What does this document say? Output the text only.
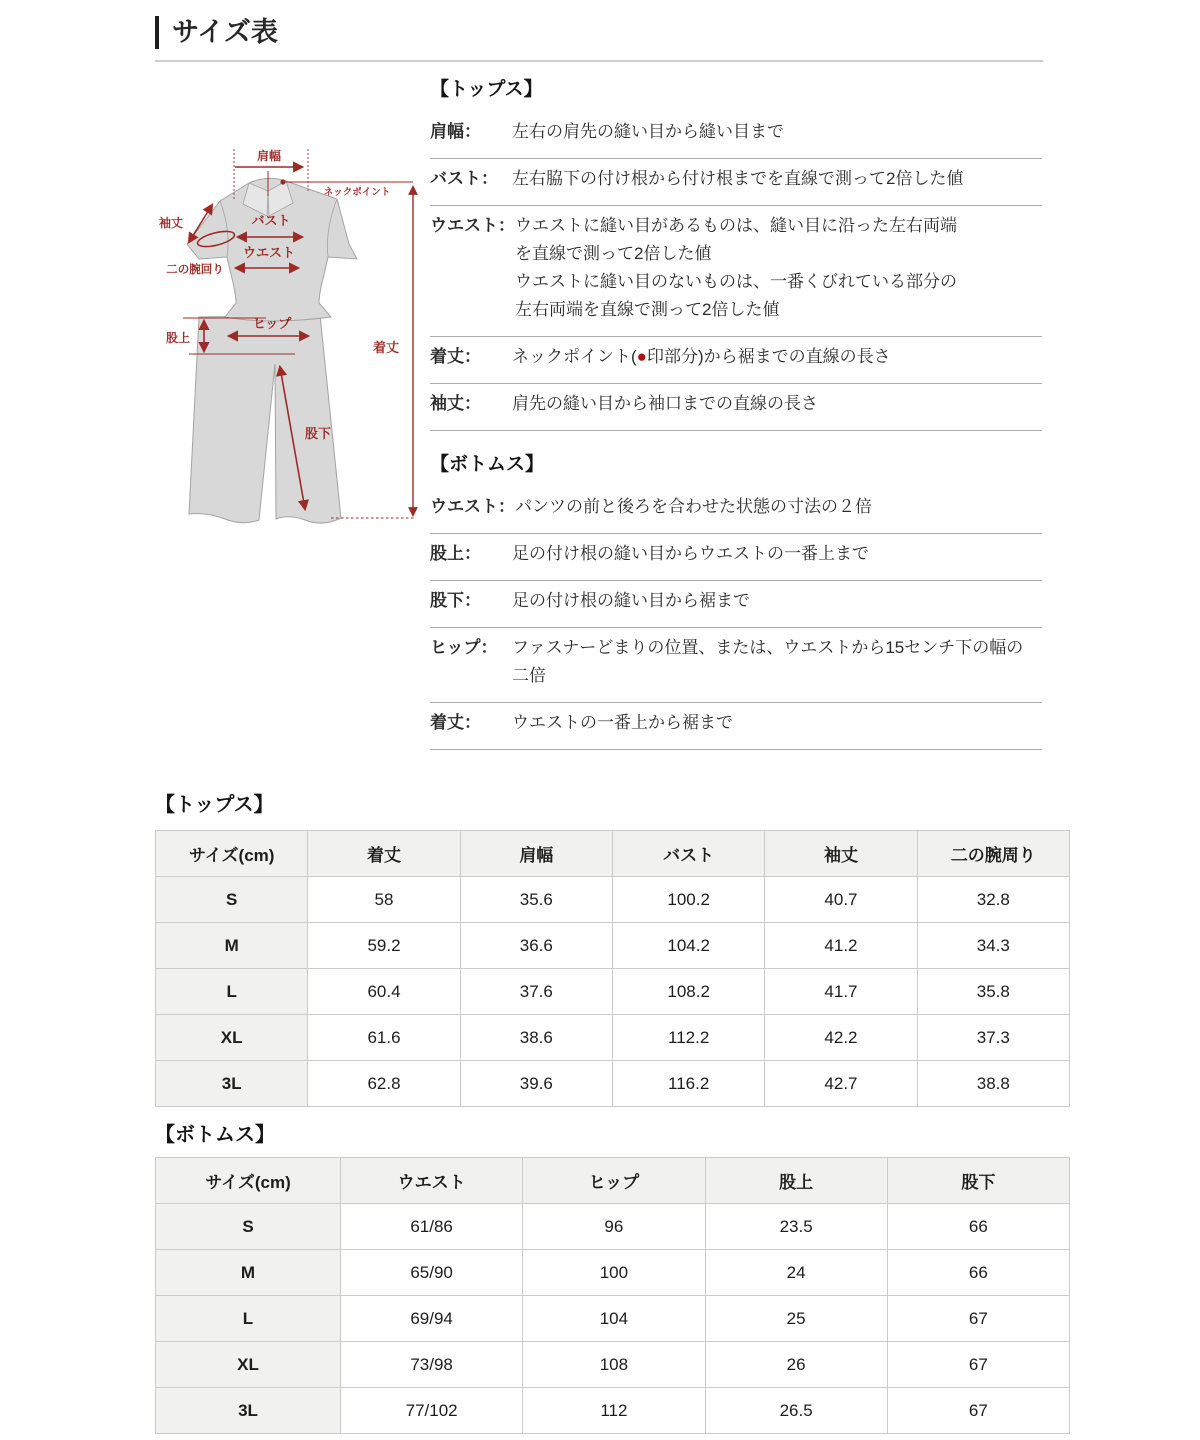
サイズ表
肩幅
ネックポイント
袖丈	バスト
ウエスト
二の腕回り
股上
ヒップ
股下
着丈
【トップス】
肩幅：	左右の肩先の縫い目から縫い目まで
バスト： 左右脇下の付け根から付け根までを直線で測って2倍した値
ウエスト： ウエストに縫い目があるものは、縫い目に沿った左右両端
を直線で測って2倍した値
ウエストに縫い目のないものは、一番くびれている部分の
左右両端を直線で測って2倍した値
着丈：	ネックポイント(●印部分)から裾までの直線の長さ
袖丈：	肩先の縫い目から袖口までの直線の長さ
【ボトムス】
ウエスト： パンツの前と後ろを合わせた状態の寸法の２倍
股上：	足の付け根の縫い目からウエストの一番上まで
股下：	足の付け根の縫い目から裾まで
ヒップ： ファスナーどまりの位置、または、ウエストから15センチ下の幅の
二倍
着丈：	ウエストの一番上から裾まで
【トップス】
サイズ(cm)	着丈	肩幅	バスト	袖丈	二の腕周り
S	58	35.6	100.2	40.7	32.8
M	59.2	36.6	104.2	41.2	34.3
L	60.4	37.6	108.2	41.7	35.8
XL	61.6	38.6	112.2	42.2	37.3
3L	62.8	39.6	116.2	42.7	38.8
【ボトムス】
サイズ(cm)	ウエスト	ヒップ	股上	股下
S	61/86	96	23.5	66
M	65/90	100	24	66
L	69/94	104	25	67
XL	73/98	108	26	67
3L	77/102	112	26.5	67
